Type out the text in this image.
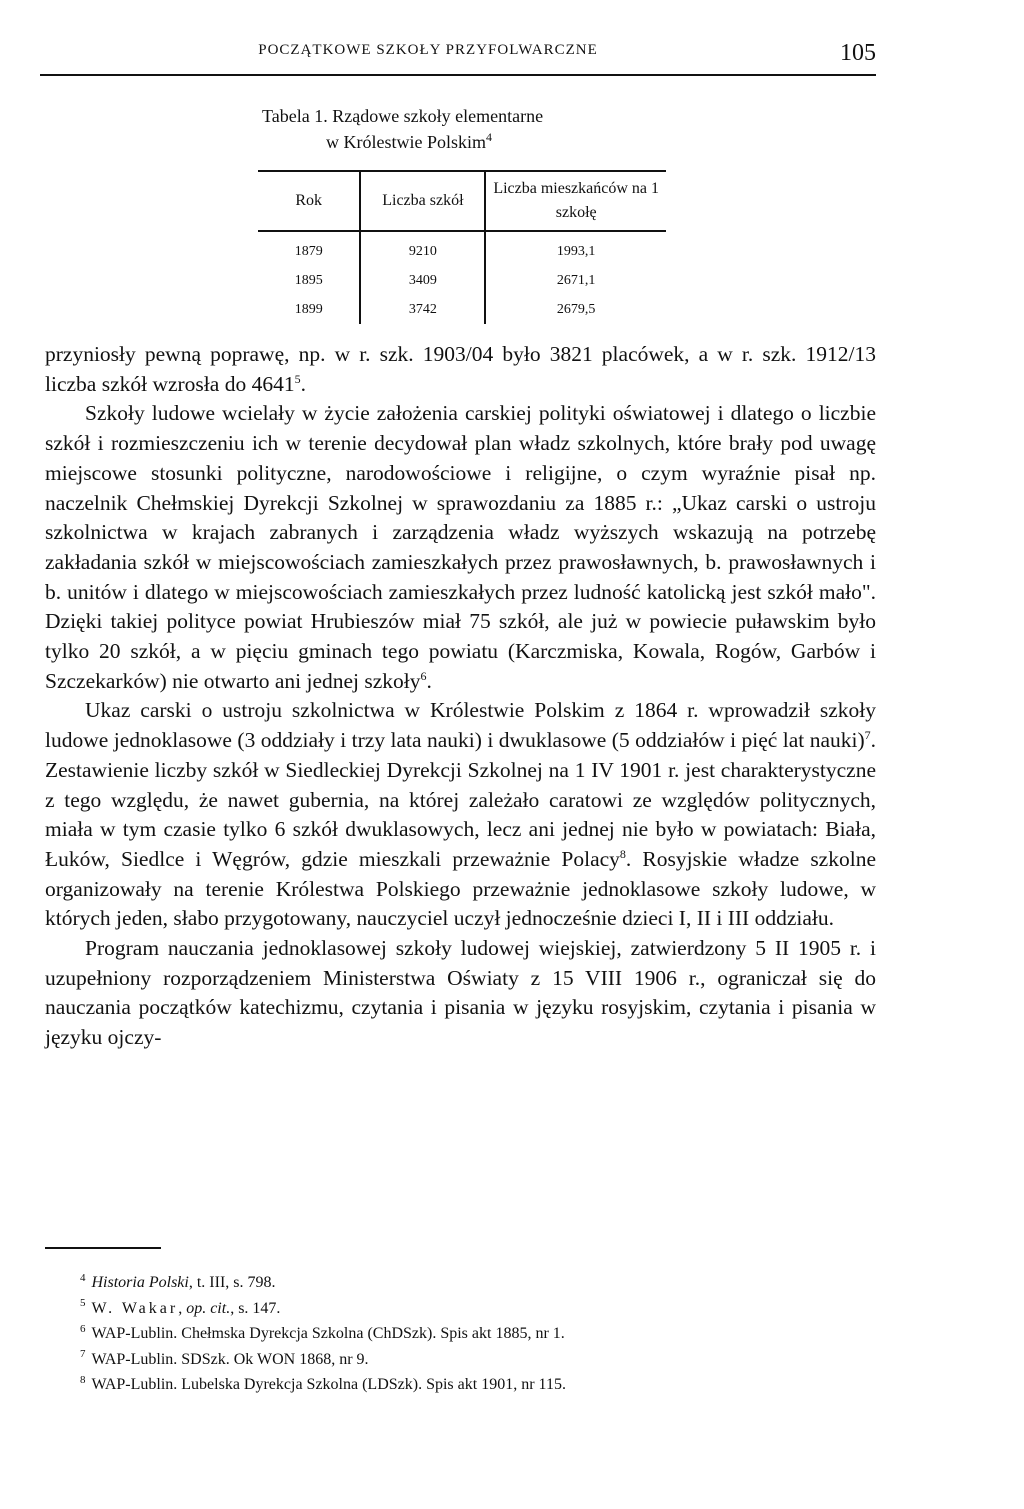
POCZĄTKOWE SZKOŁY PRZYFOLWARCZNE	105
Tabela 1. Rządowe szkoły elementarne
w Królestwie Polskim$^4$
Rok	Liczba szkół	Liczba mieszkańców na 1 szkołę
1879	9210	1993,1
1895	3409	2671,1
1899	3742	2679,5

przyniosły pewną poprawę, np. w r. szk. 1903/04 było 3821 placówek, a w r. szk. 1912/13 liczba szkół wzrosła do 4641$^5$.

Szkoły ludowe wcielały w życie założenia carskiej polityki oświatowej i dlatego o liczbie szkół i rozmieszczeniu ich w terenie decydował plan władz szkolnych, które brały pod uwagę miejscowe stosunki polityczne, narodowościowe i religijne, o czym wyraźnie pisał np. naczelnik Chełmskiej Dyrekcji Szkolnej w sprawozdaniu za 1885 r.: „Ukaz carski o ustroju szkolnictwa w krajach zabranych i zarządzenia władz wyższych wskazują na potrzebę zakładania szkół w miejscowościach zamieszkałych przez prawosławnych, b. prawosławnych i b. unitów i dlatego w miejscowościach zamieszkałych przez ludność katolicką jest szkół mało". Dzięki takiej polityce powiat Hrubieszów miał 75 szkół, ale już w powiecie puławskim było tylko 20 szkół, a w pięciu gminach tego powiatu (Karczmiska, Kowala, Rogów, Garbów i Szczekarków) nie otwarto ani jednej szkoły$^6$.

Ukaz carski o ustroju szkolnictwa w Królestwie Polskim z 1864 r. wprowadził szkoły ludowe jednoklasowe (3 oddziały i trzy lata nauki) i dwuklasowe (5 oddziałów i pięć lat nauki)$^7$. Zestawienie liczby szkół w Siedleckiej Dyrekcji Szkolnej na 1 IV 1901 r. jest charakterystyczne z tego względu, że nawet gubernia, na której zależało caratowi ze względów politycznych, miała w tym czasie tylko 6 szkół dwuklasowych, lecz ani jednej nie było w powiatach: Biała, Łuków, Siedlce i Węgrów, gdzie mieszkali przeważnie Polacy$^8$. Rosyjskie władze szkolne organizowały na terenie Królestwa Polskiego przeważnie jednoklasowe szkoły ludowe, w których jeden, słabo przygotowany, nauczyciel uczył jednocześnie dzieci I, II i III oddziału.

Program nauczania jednoklasowej szkoły ludowej wiejskiej, zatwierdzony 5 II 1905 r. i uzupełniony rozporządzeniem Ministerstwa Oświaty z 15 VIII 1906 r., ograniczał się do nauczania początków katechizmu, czytania i pisania w języku rosyjskim, czytania i pisania w języku ojczy-

$^4$ Historia Polski, t. III, s. 798.
$^5$ W. Wakar, op. cit., s. 147.
$^6$ WAP-Lublin. Chełmska Dyrekcja Szkolna (ChDSzk). Spis akt 1885, nr 1.
$^7$ WAP-Lublin. SDSzk. Ok WON 1868, nr 9.
$^8$ WAP-Lublin. Lubelska Dyrekcja Szkolna (LDSzk). Spis akt 1901, nr 115.
